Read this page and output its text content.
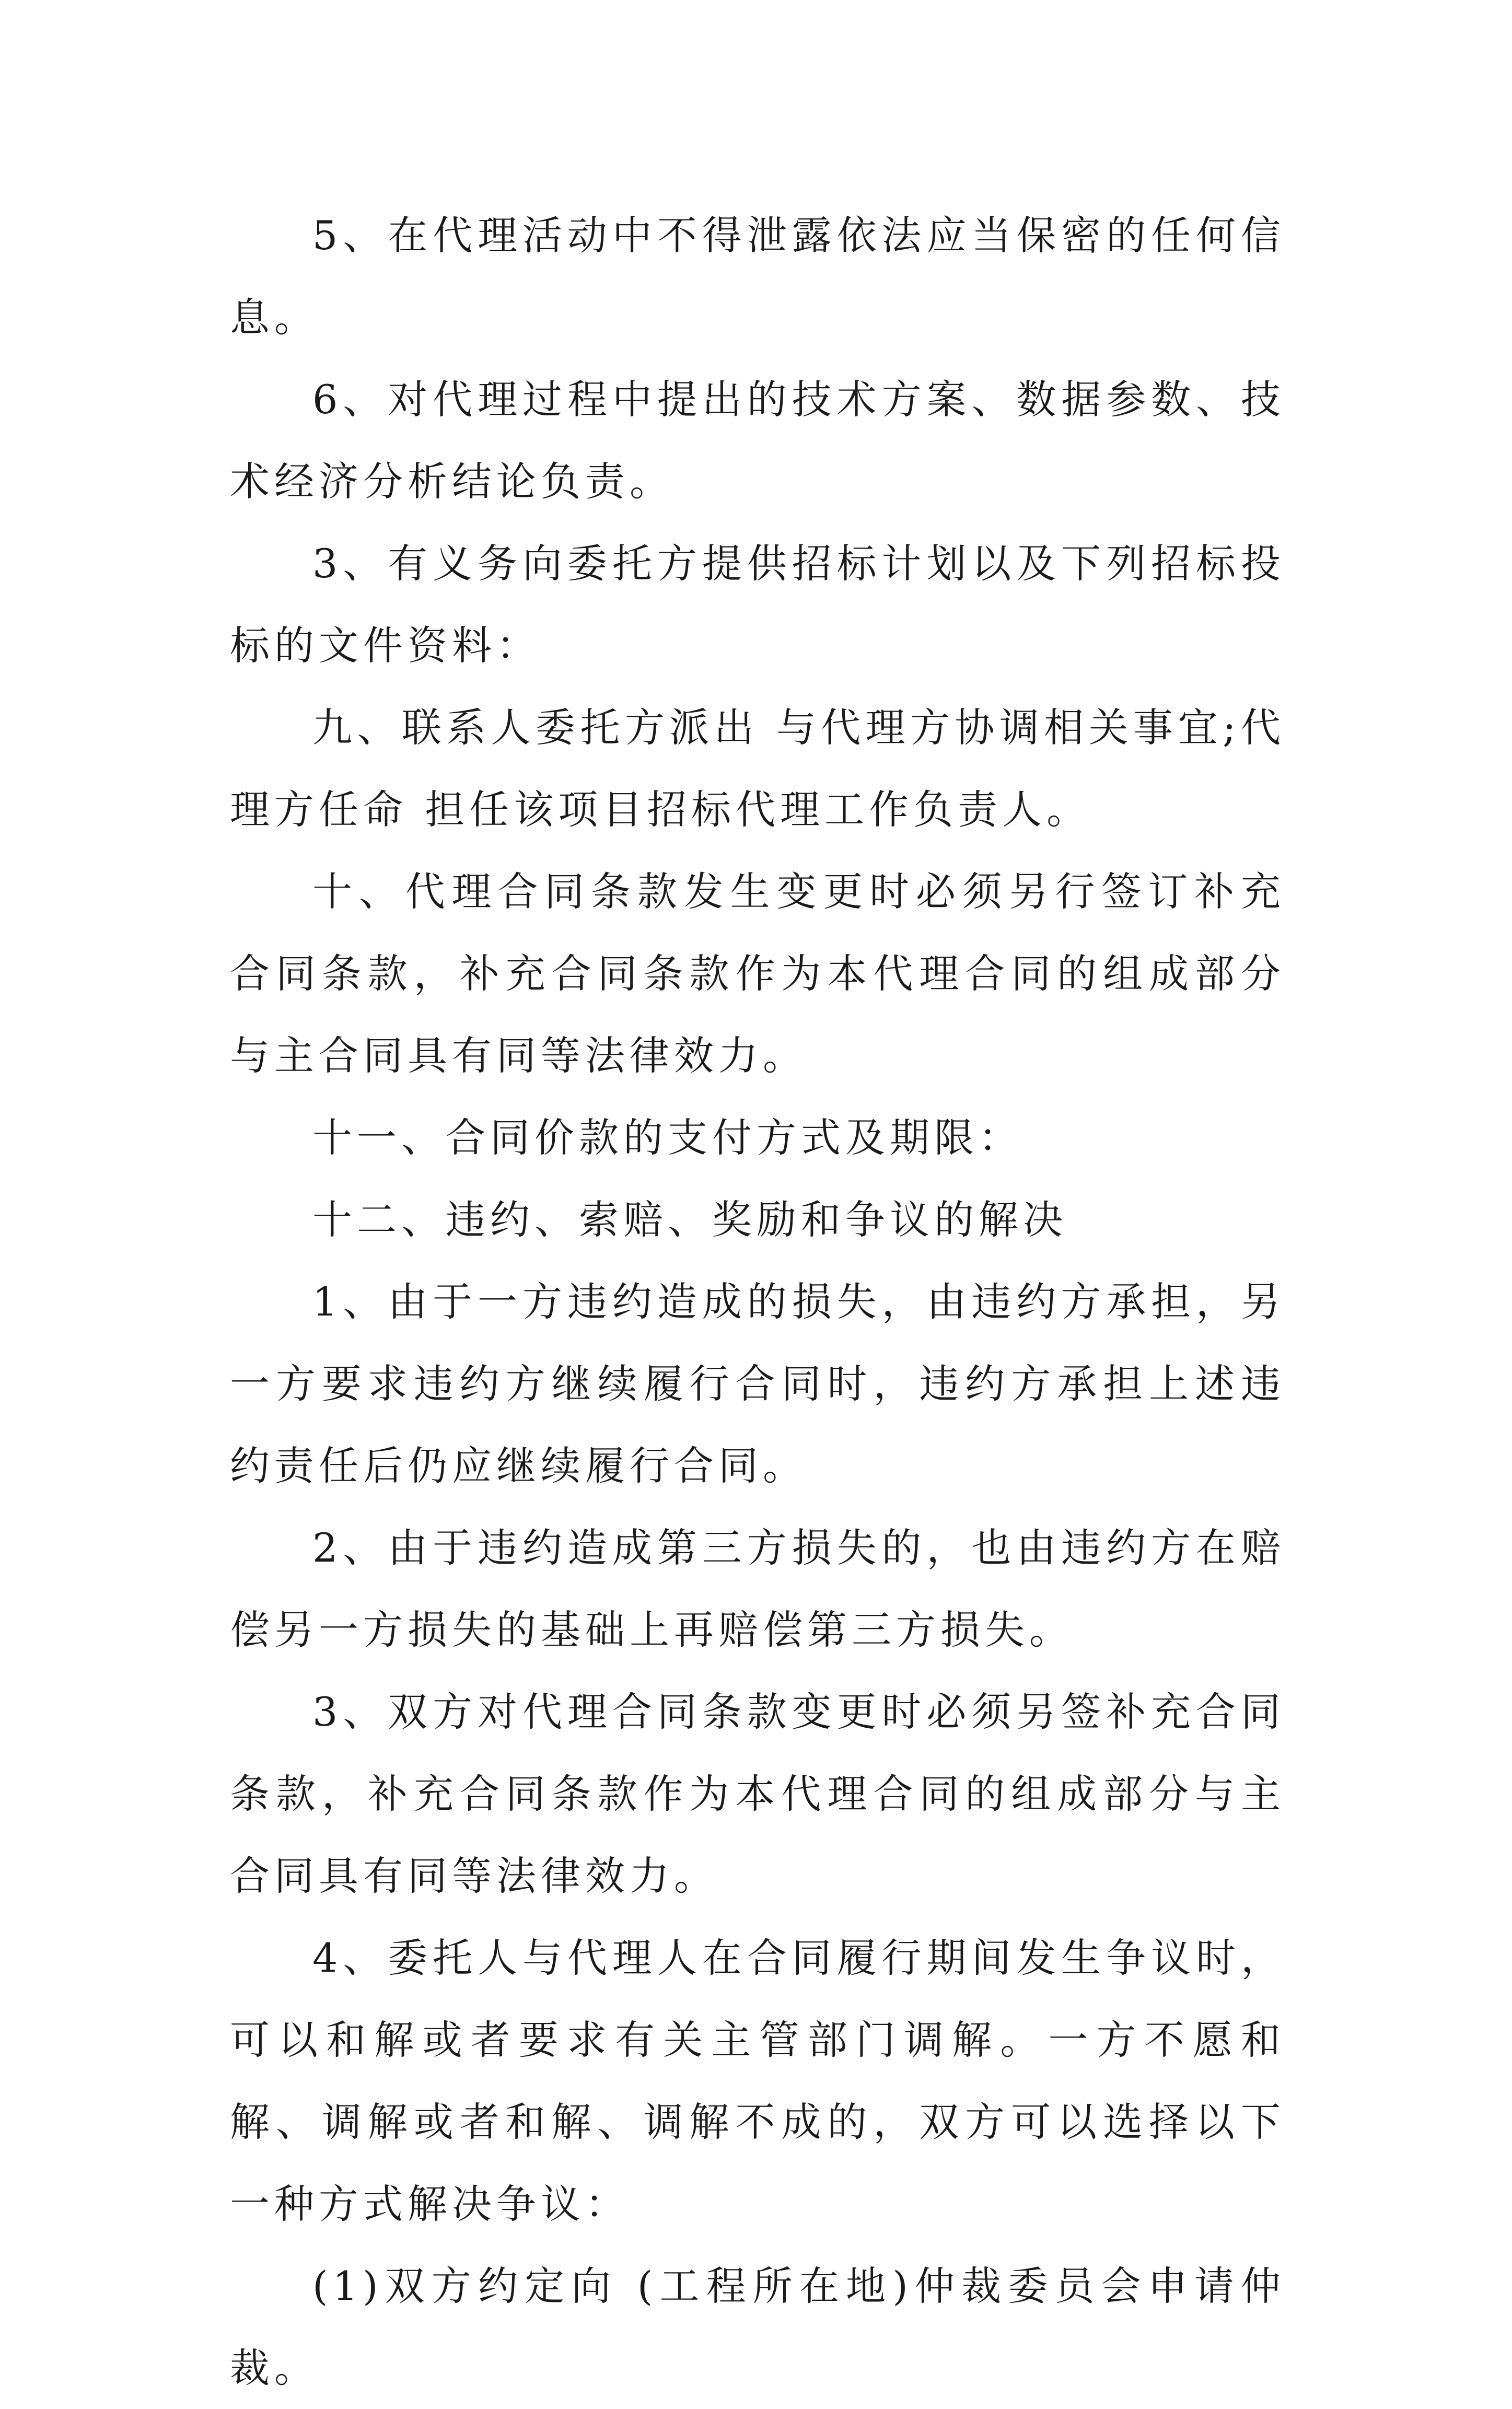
5、在代理活动中不得泄露依法应当保密的任何信息。

6、对代理过程中提出的技术方案、数据参数、技术经济分析结论负责。

3、有义务向委托方提供招标计划以及下列招标投标的文件资料：

九、联系人委托方派出 与代理方协调相关事宜;代理方任命 担任该项目招标代理工作负责人。

十、代理合同条款发生变更时必须另行签订补充合同条款，补充合同条款作为本代理合同的组成部分与主合同具有同等法律效力。

十一、合同价款的支付方式及期限：

十二、违约、索赔、奖励和争议的解决

1、由于一方违约造成的损失，由违约方承担，另一方要求违约方继续履行合同时，违约方承担上述违约责任后仍应继续履行合同。

2、由于违约造成第三方损失的，也由违约方在赔偿另一方损失的基础上再赔偿第三方损失。

3、双方对代理合同条款变更时必须另签补充合同条款，补充合同条款作为本代理合同的组成部分与主合同具有同等法律效力。

4、委托人与代理人在合同履行期间发生争议时，可以和解或者要求有关主管部门调解。一方不愿和解、调解或者和解、调解不成的，双方可以选择以下一种方式解决争议：

(1)双方约定向 (工程所在地)仲裁委员会申请仲裁。
